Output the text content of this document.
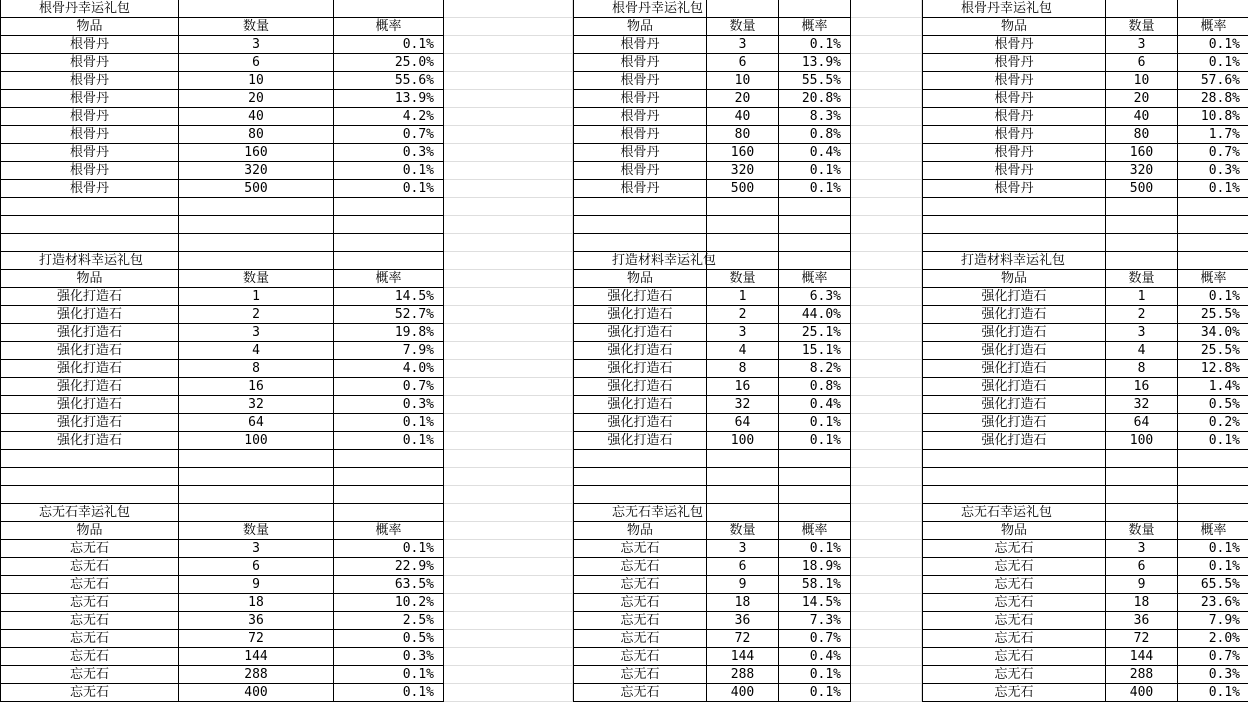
根骨丹幸运礼包	根骨丹幸运礼包	根骨丹幸运礼包
物品	数量	概率	物品	数量	概率	物品	数量	概率
根骨丹	3	0.1%	根骨丹	3	0.1%	根骨丹	3	0.1%
根骨丹	6	25.0%	根骨丹	6	13.9%	根骨丹	6	0.1%
根骨丹	10	55.6%	根骨丹	10	55.5%	根骨丹	10	57.6%
根骨丹	20	13.9%	根骨丹	20	20.8%	根骨丹	20	28.8%
根骨丹	40	4.2%	根骨丹	40	8.3%	根骨丹	40	10.8%
根骨丹	80	0.7%	根骨丹	80	0.8%	根骨丹	80	1.7%
根骨丹	160	0.3%	根骨丹	160	0.4%	根骨丹	160	0.7%
根骨丹	320	0.1%	根骨丹	320	0.1%	根骨丹	320	0.3%
根骨丹	500	0.1%	根骨丹	500	0.1%	根骨丹	500	0.1%
打造材料幸运礼包	打造材料幸运礼包	打造材料幸运礼包
物品	数量	概率	物品	数量	概率	物品	数量	概率
强化打造石	1	14.5%	强化打造石	1	6.3%	强化打造石	1	0.1%
强化打造石	2	52.7%	强化打造石	2	44.0%	强化打造石	2	25.5%
强化打造石	3	19.8%	强化打造石	3	25.1%	强化打造石	3	34.0%
强化打造石	4	7.9%	强化打造石	4	15.1%	强化打造石	4	25.5%
强化打造石	8	4.0%	强化打造石	8	8.2%	强化打造石	8	12.8%
强化打造石	16	0.7%	强化打造石	16	0.8%	强化打造石	16	1.4%
强化打造石	32	0.3%	强化打造石	32	0.4%	强化打造石	32	0.5%
强化打造石	64	0.1%	强化打造石	64	0.1%	强化打造石	64	0.2%
强化打造石	100	0.1%	强化打造石	100	0.1%	强化打造石	100	0.1%
忘无石幸运礼包	忘无石幸运礼包	忘无石幸运礼包
物品	数量	概率	物品	数量	概率	物品	数量	概率
忘无石	3	0.1%	忘无石	3	0.1%	忘无石	3	0.1%
忘无石	6	22.9%	忘无石	6	18.9%	忘无石	6	0.1%
忘无石	9	63.5%	忘无石	9	58.1%	忘无石	9	65.5%
忘无石	18	10.2%	忘无石	18	14.5%	忘无石	18	23.6%
忘无石	36	2.5%	忘无石	36	7.3%	忘无石	36	7.9%
忘无石	72	0.5%	忘无石	72	0.7%	忘无石	72	2.0%
忘无石	144	0.3%	忘无石	144	0.4%	忘无石	144	0.7%
忘无石	288	0.1%	忘无石	288	0.1%	忘无石	288	0.3%
忘无石	400	0.1%	忘无石	400	0.1%	忘无石	400	0.1%
